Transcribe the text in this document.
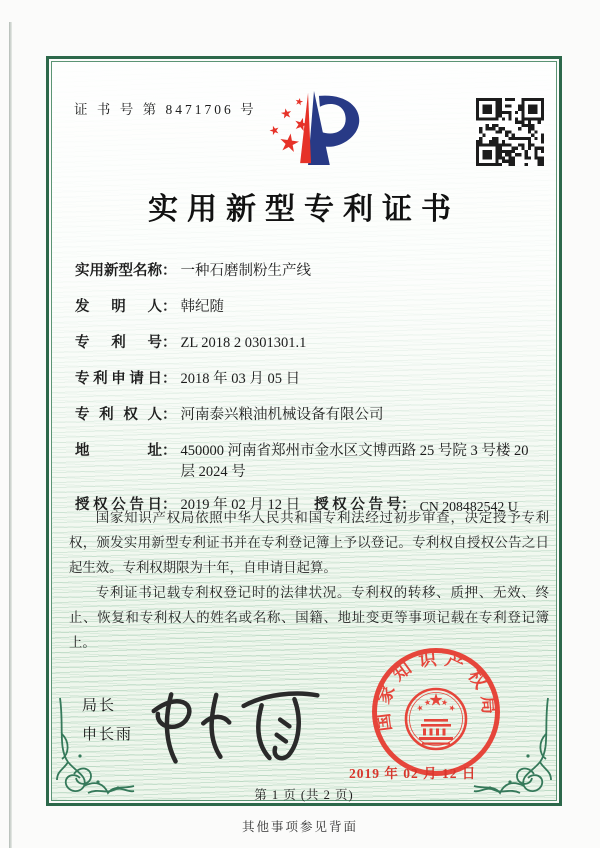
证 书 号 第 8471706 号
实用新型专利证书
实用新型名称 ： 一种石磨制粉生产线
发明人 ： 韩纪随
专利号 ： ZL 2018 2 0301301.1
专利申请日 ： 2018 年 03 月 05 日
专利权人 ： 河南泰兴粮油机械设备有限公司
地址 ： 450000 河南省郑州市金水区文博西路 25 号院 3 号楼 20 层 2024 号
授权公告日 ： 2019 年 02 月 12 日 授权公告号 ： CN 208482542 U

国家知识产权局依照中华人民共和国专利法经过初步审查，决定授予专利权，颁发实用新型专利证书并在专利登记簿上予以登记。专利权自授权公告之日起生效。专利权期限为十年，自申请日起算。

专利证书记载专利权登记时的法律状况。专利权的转移、质押、无效、终止、恢复和专利权人的姓名或名称、国籍、地址变更等事项记载在专利登记簿上。

局长
申长雨
国家知识产权局
2019 年 02 月 12 日
第 1 页 (共 2 页)
其他事项参见背面
